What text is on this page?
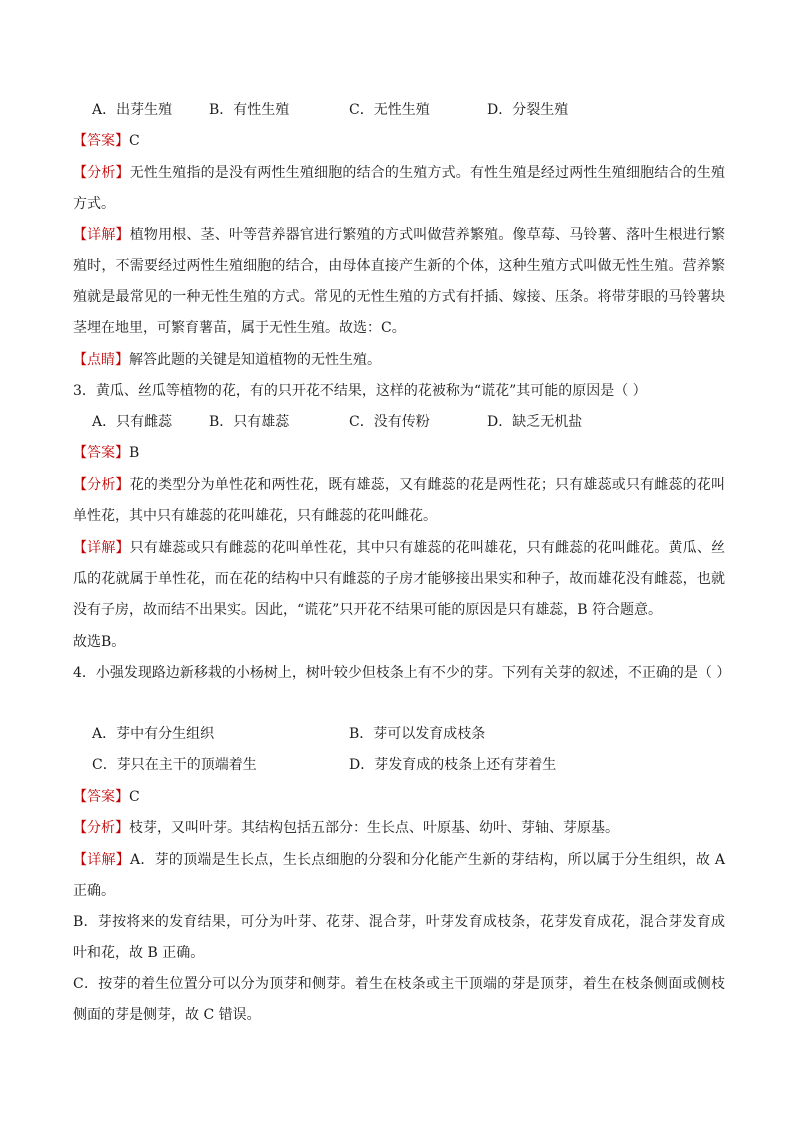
A．出芽生殖	B．有性生殖	C．无性生殖	D．分裂生殖
【答案】C
【分析】无性生殖指的是没有两性生殖细胞的结合的生殖方式。有性生殖是经过两性生殖细胞结合的生殖方式。
【详解】植物用根、茎、叶等营养器官进行繁殖的方式叫做营养繁殖。像草莓、马铃薯、落叶生根进行繁殖时，不需要经过两性生殖细胞的结合，由母体直接产生新的个体，这种生殖方式叫做无性生殖。营养繁殖就是最常见的一种无性生殖的方式。常见的无性生殖的方式有扦插、嫁接、压条。将带芽眼的马铃薯块茎埋在地里，可繁育薯苗，属于无性生殖。故选：C。
【点睛】解答此题的关键是知道植物的无性生殖。
3．黄瓜、丝瓜等植物的花，有的只开花不结果，这样的花被称为“谎花”其可能的原因是（ ）
A．只有雌蕊	B．只有雄蕊	C．没有传粉	D．缺乏无机盐
【答案】B
【分析】花的类型分为单性花和两性花，既有雄蕊，又有雌蕊的花是两性花；只有雄蕊或只有雌蕊的花叫单性花，其中只有雄蕊的花叫雄花，只有雌蕊的花叫雌花。
【详解】只有雄蕊或只有雌蕊的花叫单性花，其中只有雄蕊的花叫雄花，只有雌蕊的花叫雌花。黄瓜、丝瓜的花就属于单性花，而在花的结构中只有雌蕊的子房才能够接出果实和种子，故而雄花没有雌蕊，也就没有子房，故而结不出果实。因此，“谎花”只开花不结果可能的原因是只有雄蕊，B 符合题意。
故选B。
4．小强发现路边新移栽的小杨树上，树叶较少但枝条上有不少的芽。下列有关芽的叙述，不正确的是（ ）
A．芽中有分生组织	B．芽可以发育成枝条
C．芽只在主干的顶端着生	D．芽发育成的枝条上还有芽着生
【答案】C
【分析】枝芽，又叫叶芽。其结构包括五部分：生长点、叶原基、幼叶、芽轴、芽原基。
【详解】A．芽的顶端是生长点，生长点细胞的分裂和分化能产生新的芽结构，所以属于分生组织，故 A 正确。
B．芽按将来的发育结果，可分为叶芽、花芽、混合芽，叶芽发育成枝条，花芽发育成花，混合芽发育成叶和花，故 B 正确。
C．按芽的着生位置分可以分为顶芽和侧芽。着生在枝条或主干顶端的芽是顶芽，着生在枝条侧面或侧枝侧面的芽是侧芽，故 C 错误。
